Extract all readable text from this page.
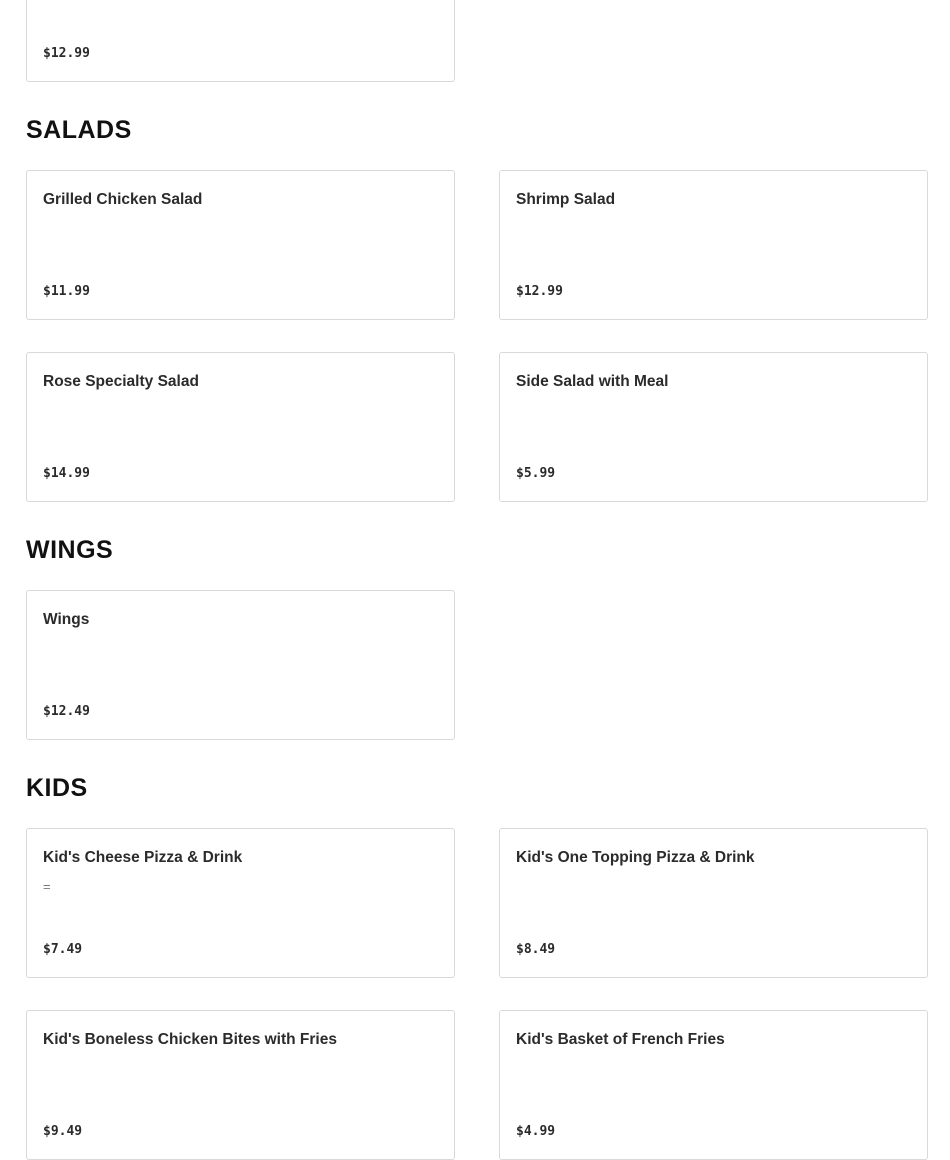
$12.99
SALADS
Grilled Chicken Salad
$11.99
Shrimp Salad
$12.99
Rose Specialty Salad
$14.99
Side Salad with Meal
$5.99
WINGS
Wings
$12.49
KIDS
Kid's Cheese Pizza & Drink
=
$7.49
Kid's One Topping Pizza & Drink
$8.49
Kid's Boneless Chicken Bites with Fries
$9.49
Kid's Basket of French Fries
$4.99
